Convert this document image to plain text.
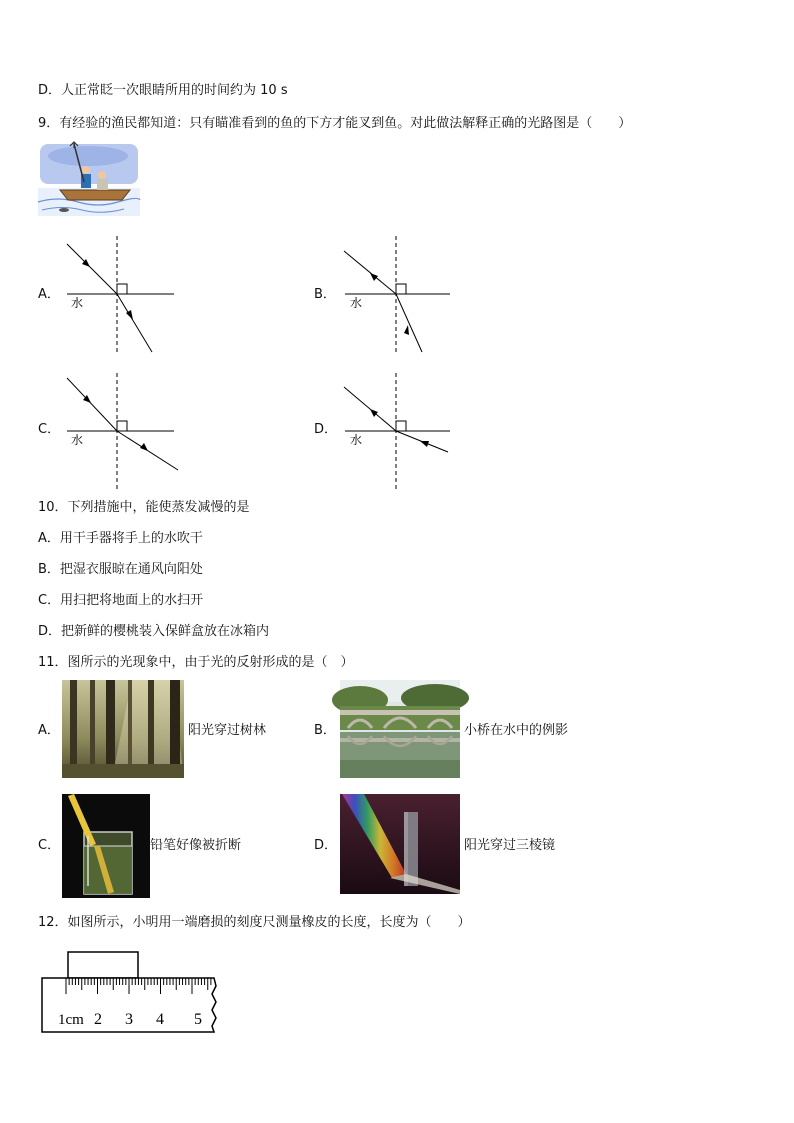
D．人正常眨一次眼睛所用的时间约为 10 s
9．有经验的渔民都知道：只有瞄准看到的鱼的下方才能叉到鱼。对此做法解释正确的光路图是（　　）
A．
水
B．
水
C．
水
D．
水
10．下列措施中，能使蒸发减慢的是
A．用干手器将手上的水吹干
B．把湿衣服晾在通风向阳处
C．用扫把将地面上的水扫开
D．把新鲜的樱桃装入保鲜盒放在冰箱内
11．图所示的光现象中，由于光的反射形成的是（　）
A．	阳光穿过树林	B．	小桥在水中的例影
C．	铅笔好像被折断	D．	阳光穿过三棱镜
12．如图所示，小明用一端磨损的刻度尺测量橡皮的长度，长度为（　　）
1cm 2 3 4 5
